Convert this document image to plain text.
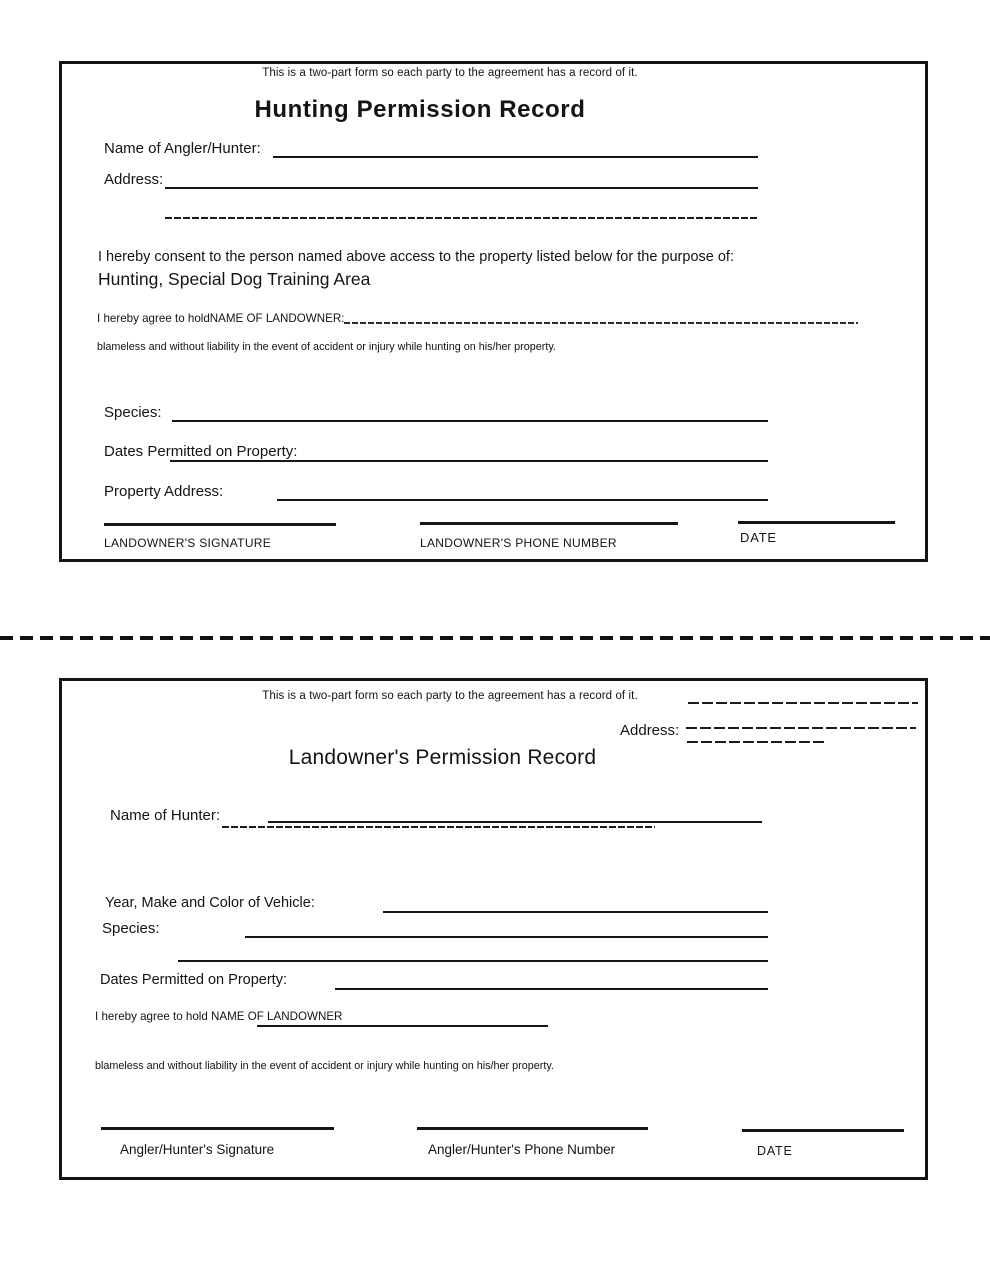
This is a two-part form so each party to the agreement has a record of it.
Hunting Permission Record
Name of Angler/Hunter:
Address:
I hereby consent to the person named above access to the property listed below for the purpose of:
Hunting, Special Dog Training Area
I hereby agree to holdNAME OF LANDOWNER:
blameless and without liability in the event of accident or injury while hunting on his/her property.
Species:
Dates Permitted on Property:
Property Address:
LANDOWNER'S SIGNATURE	LANDOWNER'S PHONE NUMBER	DATE
This is a two-part form so each party to the agreement has a record of it.
Address:
Landowner's Permission Record
Name of Hunter:
Year, Make and Color of Vehicle:
Species:
Dates Permitted on Property:
I hereby agree to hold NAME OF LANDOWNER
blameless and without liability in the event of accident or injury while hunting on his/her property.
Angler/Hunter's Signature	Angler/Hunter's Phone Number	DATE
